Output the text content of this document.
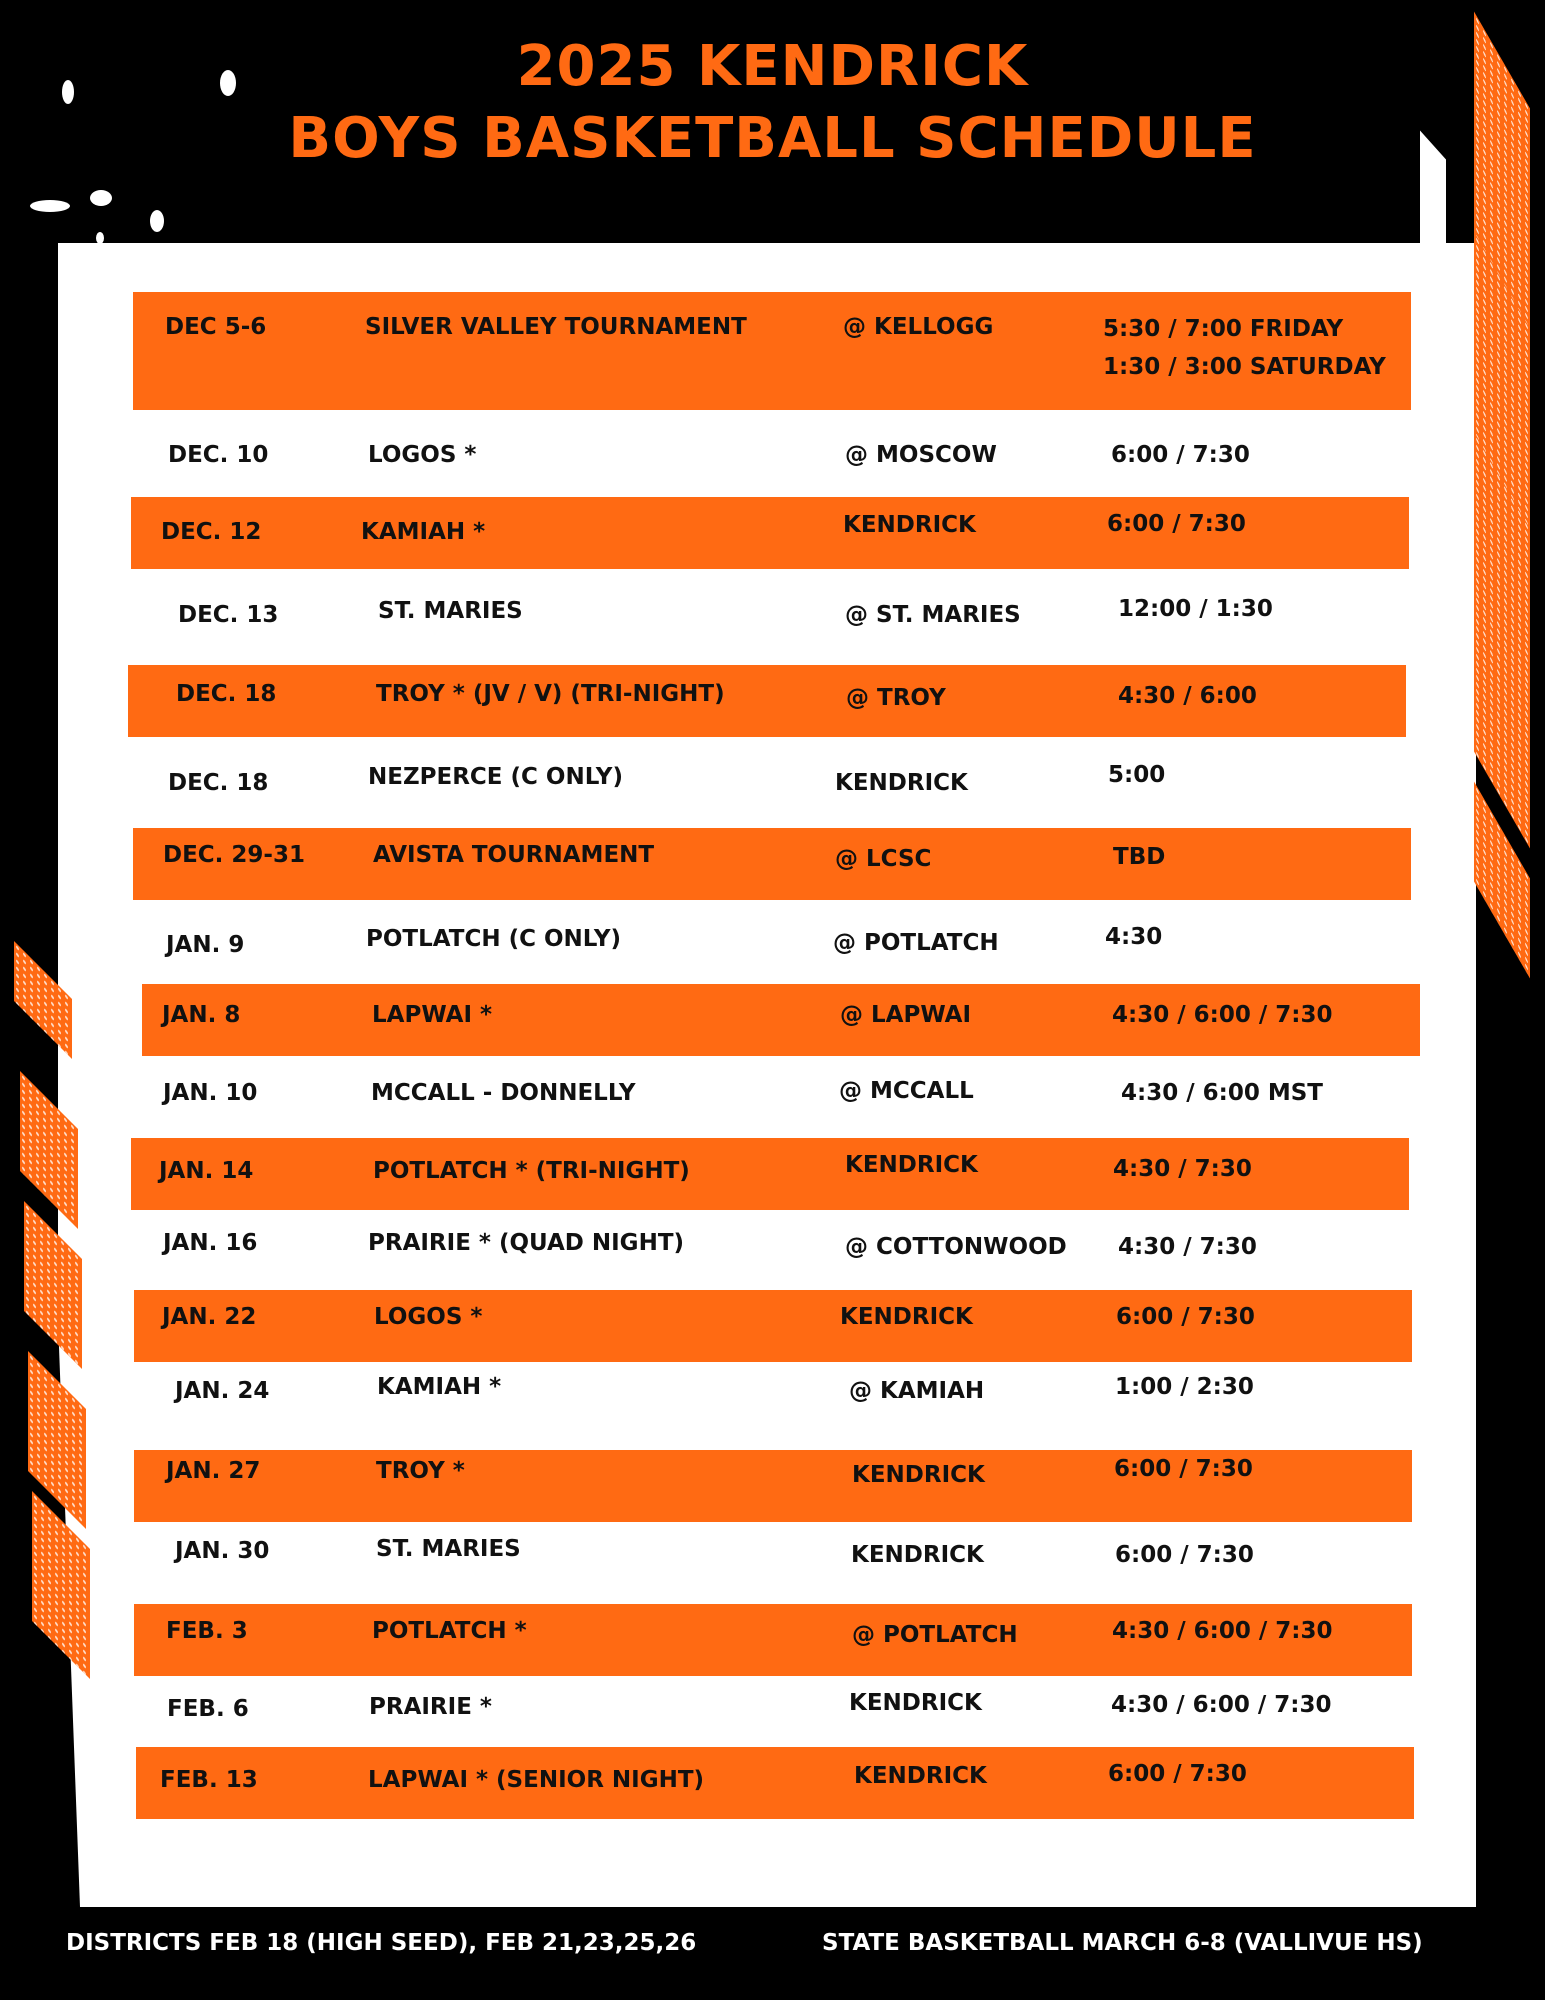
2025 KENDRICK
BOYS BASKETBALL SCHEDULE
DEC 5-6	SILVER VALLEY TOURNAMENT	@ KELLOGG	5:30 / 7:00 FRIDAY
1:30 / 3:00 SATURDAY
DEC. 10	LOGOS *	@ MOSCOW	6:00 / 7:30
DEC. 12	KAMIAH *	KENDRICK	6:00 / 7:30
DEC. 13	ST. MARIES	@ ST. MARIES	12:00 / 1:30
DEC. 18	TROY * (JV / V) (TRI-NIGHT)	@ TROY	4:30 / 6:00
DEC. 18	NEZPERCE (C ONLY)	KENDRICK	5:00
DEC. 29-31	AVISTA TOURNAMENT	@ LCSC	TBD
JAN. 9	POTLATCH (C ONLY)	@ POTLATCH	4:30
JAN. 8	LAPWAI *	@ LAPWAI	4:30 / 6:00 / 7:30
JAN. 10	MCCALL - DONNELLY	@ MCCALL	4:30 / 6:00 MST
JAN. 14	POTLATCH * (TRI-NIGHT)	KENDRICK	4:30 / 7:30
JAN. 16	PRAIRIE * (QUAD NIGHT)	@ COTTONWOOD 4:30 / 7:30
JAN. 22	LOGOS *	KENDRICK	6:00 / 7:30
JAN. 24	KAMIAH *	@ KAMIAH	1:00 / 2:30
JAN. 27	TROY *	KENDRICK	6:00 / 7:30
JAN. 30	ST. MARIES	KENDRICK	6:00 / 7:30
FEB. 3	POTLATCH *	@ POTLATCH	4:30 / 6:00 / 7:30
FEB. 6	PRAIRIE *	KENDRICK	4:30 / 6:00 / 7:30
FEB. 13	LAPWAI * (SENIOR NIGHT)	KENDRICK	6:00 / 7:30
DISTRICTS FEB 18 (HIGH SEED), FEB 21,23,25,26	STATE BASKETBALL MARCH 6-8 (VALLIVUE HS)
